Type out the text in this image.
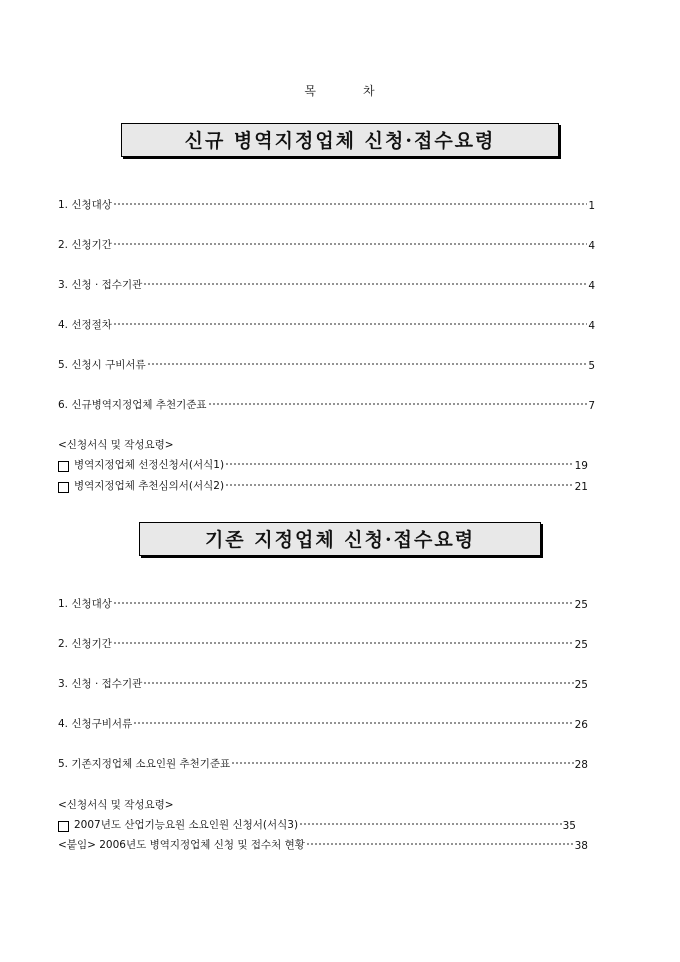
목	차
신규 병역지정업체 신청·접수요령
1. 신청대상	1
2. 신청기간	4
3. 신청 · 접수기관	4
4. 선정절차	4
5. 신청시 구비서류	5
6. 신규병역지정업체 추천기준표	7
<신청서식 및 작성요령>
병역지정업체 선정신청서(서식1)	19
병역지정업체 추천심의서(서식2)	21
기존 지정업체 신청·접수요령
1. 신청대상	25
2. 신청기간	25
3. 신청 · 접수기관	25
4. 신청구비서류	26
5. 기존지정업체 소요인원 추천기준표	28
<신청서식 및 작성요령>
2007년도 산업기능요원 소요인원 신청서(서식3)	35
<붙임> 2006년도 병역지정업체 신청 및 접수처 현황	38
